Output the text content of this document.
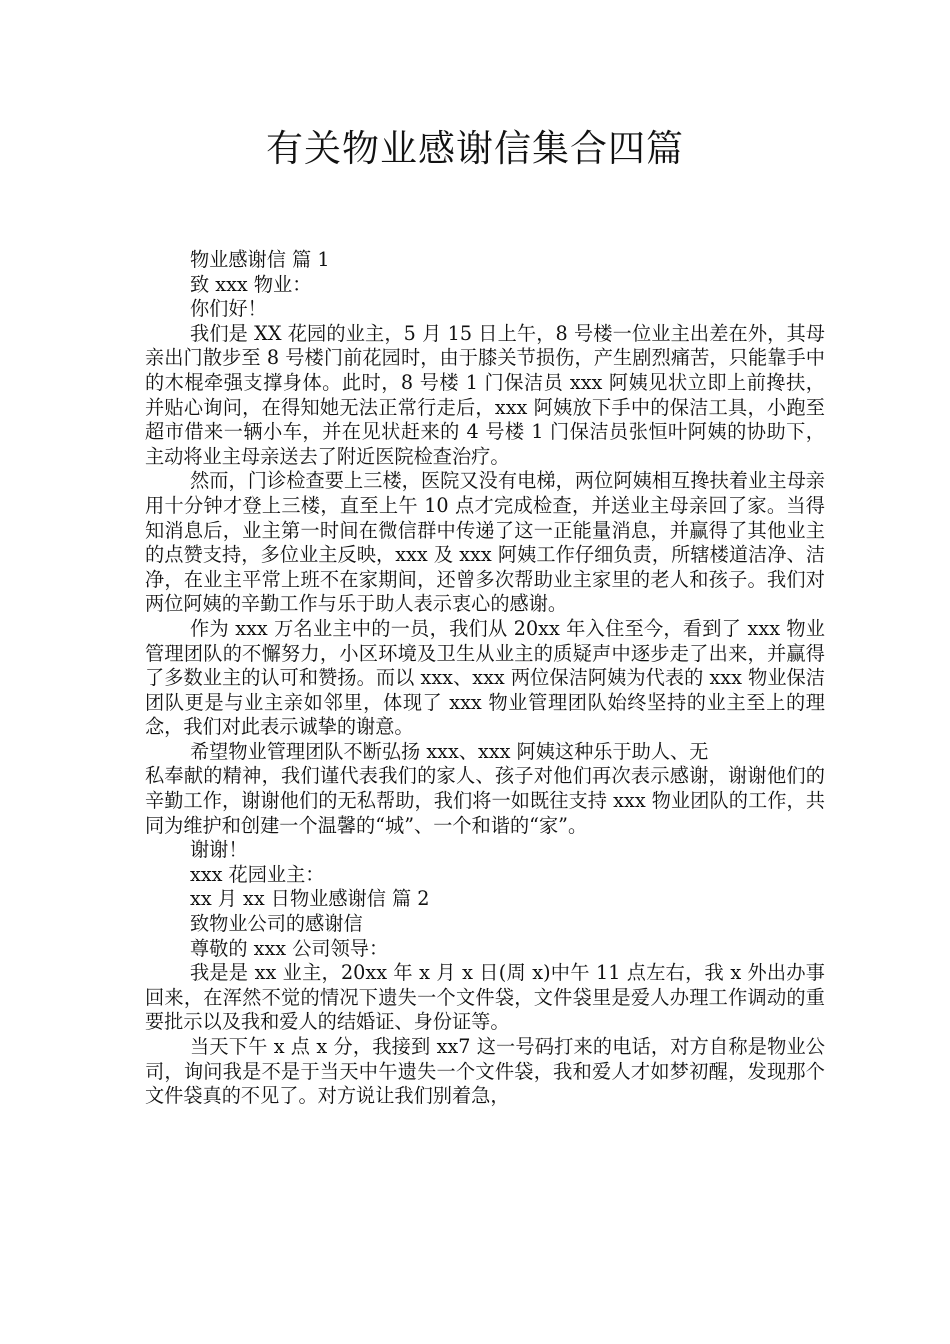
有关物业感谢信集合四篇

物业感谢信 篇 1

致 xxx 物业：

你们好！

我们是 XX 花园的业主，5 月 15 日上午，8 号楼一位业主出差在外，其母亲出门散步至 8 号楼门前花园时，由于膝关节损伤，产生剧烈痛苦，只能靠手中的木棍牵强支撑身体。此时，8 号楼 1 门保洁员 xxx 阿姨见状立即上前搀扶，并贴心询问，在得知她无法正常行走后，xxx 阿姨放下手中的保洁工具，小跑至超市借来一辆小车，并在见状赶来的 4 号楼 1 门保洁员张恒叶阿姨的协助下，主动将业主母亲送去了附近医院检查治疗。

然而，门诊检查要上三楼，医院又没有电梯，两位阿姨相互搀扶着业主母亲用十分钟才登上三楼，直至上午 10 点才完成检查，并送业主母亲回了家。当得知消息后，业主第一时间在微信群中传递了这一正能量消息，并赢得了其他业主的点赞支持，多位业主反映，xxx 及 xxx 阿姨工作仔细负责，所辖楼道洁净、洁净，在业主平常上班不在家期间，还曾多次帮助业主家里的老人和孩子。我们对两位阿姨的辛勤工作与乐于助人表示衷心的感谢。

作为 xxx 万名业主中的一员，我们从 20xx 年入住至今，看到了 xxx 物业管理团队的不懈努力，小区环境及卫生从业主的质疑声中逐步走了出来，并赢得了多数业主的认可和赞扬。而以 xxx、xxx 两位保洁阿姨为代表的 xxx 物业保洁团队更是与业主亲如邻里，体现了 xxx 物业管理团队始终坚持的业主至上的理念，我们对此表示诚挚的谢意。

希望物业管理团队不断弘扬 xxx、xxx 阿姨这种乐于助人、无

私奉献的精神，我们谨代表我们的家人、孩子对他们再次表示感谢，谢谢他们的辛勤工作，谢谢他们的无私帮助，我们将一如既往支持 xxx 物业团队的工作，共同为维护和创建一个温馨的“城”、一个和谐的“家”。

谢谢！

xxx 花园业主：

xx 月 xx 日物业感谢信 篇 2

致物业公司的感谢信

尊敬的 xxx 公司领导：

我是是 xx 业主，20xx 年 x 月 x 日(周 x)中午 11 点左右，我 x 外出办事回来，在浑然不觉的情况下遗失一个文件袋，文件袋里是爱人办理工作调动的重要批示以及我和爱人的结婚证、身份证等。

当天下午 x 点 x 分，我接到 xx7 这一号码打来的电话，对方自称是物业公司，询问我是不是于当天中午遗失一个文件袋，我和爱人才如梦初醒，发现那个文件袋真的不见了。对方说让我们别着急，
